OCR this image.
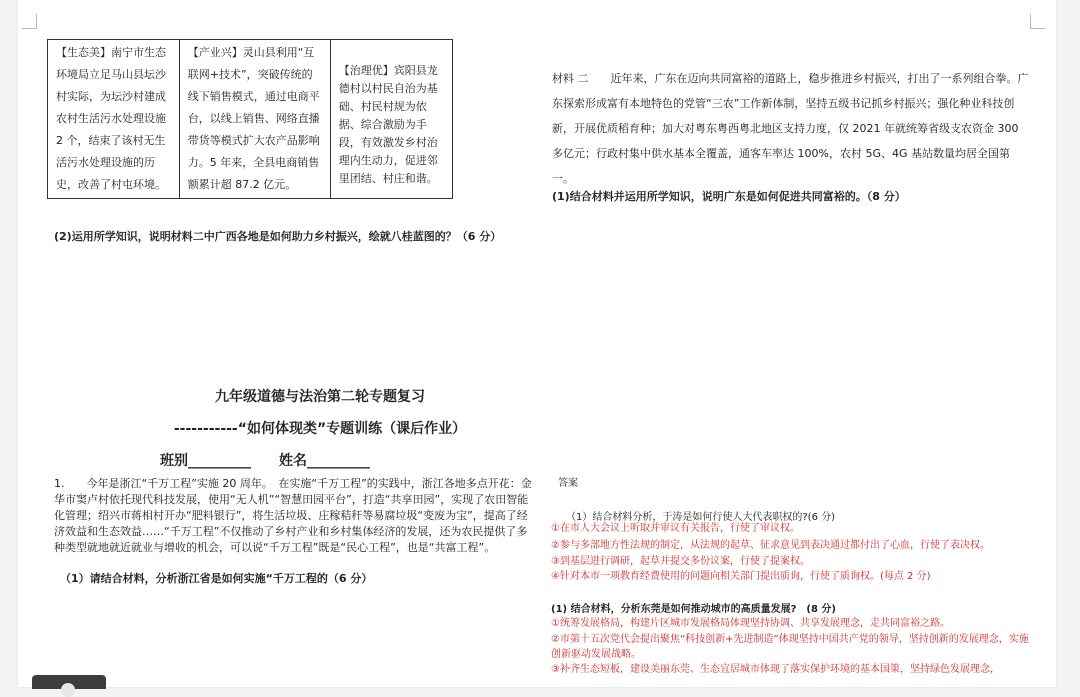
【生态美】南宁市生态环境局立足马山县坛沙村实际，为坛沙村建成农村生活污水处理设施 2 个，结束了该村无生活污水处理设施的历史，改善了村屯环境。	【产业兴】灵山县利用“互联网+技术”，突破传统的线下销售模式，通过电商平台，以线上销售、网络直播带货等模式扩大农产品影响力。5 年来，全县电商销售额累计超 87.2 亿元。	【治理优】宾阳县龙德村以村民自治为基础、村民村规为依据、综合激励为手段，有效激发乡村治理内生动力，促进邻里团结、村庄和谐。
(2)运用所学知识，说明材料二中广西各地是如何助力乡村振兴，绘就八桂蓝图的？（6 分）
材料 二　　近年来，广东在迈向共同富裕的道路上，稳步推进乡村振兴，打出了一系列组合拳。广东探索形成富有本地特色的党管“三农”工作新体制，坚持五级书记抓乡村振兴；强化种业科技创新，开展优质稻育种；加大对粤东粤西粤北地区支持力度，仅 2021 年就统筹省级支农资金 300 多亿元；行政村集中供水基本全覆盖，通客车率达 100%，农村 5G、4G 基站数量均居全国第一。
(1)结合材料并运用所学知识，说明广东是如何促进共同富裕的。（8 分）
九年级道德与法治第二轮专题复习
-----------“如何体现类”专题训练（课后作业）
班别_________　　姓名_________
1.　　今年是浙江“千万工程”实施 20 周年。　在实施“千万工程”的实践中，浙江各地多点开花：金华市窦卢村依托现代科技发展，使用“无人机”“智慧田园平台”，打造“共享田园”，实现了农田智能化管理；绍兴市蒋相村开办“肥料银行”，将生活垃圾、庄稼秸秆等易腐垃圾“变废为宝”，提高了经济效益和生态效益……“千万工程”不仅推动了乡村产业和乡村集体经济的发展，还为农民提供了多种类型就地就近就业与增收的机会，可以说“千万工程”既是“民心工程”，也是“共富工程”。
（1）请结合材料，分析浙江省是如何实施“千万工程的（6 分）
答案
（1）结合材料分析，于涛是如何行使人大代表职权的?(6 分)
①在市人大会议上听取并审议有关报告，行使了审议权。
②参与多部地方性法规的制定，从法规的起草、征求意见到表决通过都付出了心血，行使了表决权。
③到基层进行调研，起草并提交多份议案，行使了提案权。
④针对本市一项教育经费使用的问题向相关部门提出质询，行使了质询权。(每点 2 分)
(1) 结合材料，分析东莞是如何推动城市的高质量发展?　(8 分)
①统筹发展格局，构建片区城市发展格局体现坚持协调、共享发展理念，走共同富裕之路。
②市第十五次党代会提出聚焦“科技创新+先进制造”体现坚持中国共产党的领导，坚持创新的发展理念，实施创新驱动发展战略。
③补齐生态短板，建设美丽东莞、生态宜居城市体现了落实保护环境的基本国策，坚持绿色发展理念，
